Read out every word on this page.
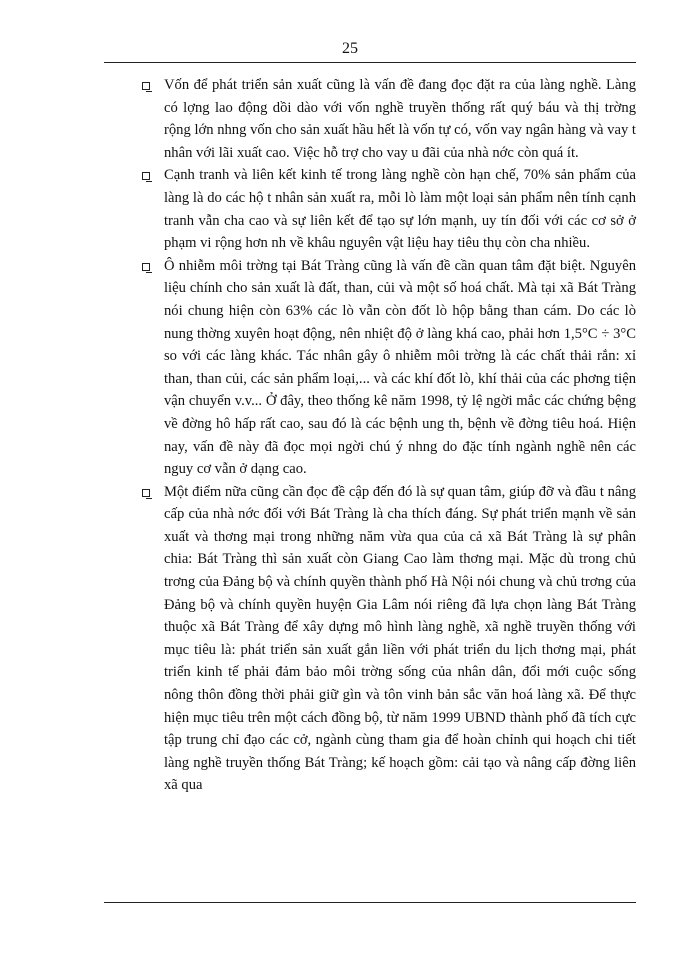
25

Vốn để phát triển sản xuất cũng là vấn đề đang đọc đặt ra của làng nghề. Làng có lợng lao động dồi dào với vốn nghề truyền thống rất quý báu và thị trờng rộng lớn nhng vốn cho sản xuất hầu hết là vốn tự có, vốn vay ngân hàng và vay t nhân với lãi xuất cao. Việc hỗ trợ cho vay u đãi của nhà nớc còn quá ít.

Cạnh tranh và liên kết kinh tế trong làng nghề còn hạn chế, 70% sản phẩm của làng là do các hộ t nhân sản xuất ra, mỗi lò làm một loại sản phẩm nên tính cạnh tranh vẫn cha cao và sự liên kết để tạo sự lớn mạnh, uy tín đối với các cơ sở ở phạm vi rộng hơn nh về khâu nguyên vật liệu hay tiêu thụ còn cha nhiều.

Ô nhiễm môi trờng tại Bát Tràng cũng là vấn đề cần quan tâm đặt biệt. Nguyên liệu chính cho sản xuất là đất, than, củi và một số hoá chất. Mà tại xã Bát Tràng nói chung hiện còn 63% các lò vẫn còn đốt lò hộp bằng than cám. Do các lò nung thờng xuyên hoạt động, nên nhiệt độ ở làng khá cao, phải hơn 1,5°C ÷ 3°C so với các làng khác. Tác nhân gây ô nhiễm môi trờng là các chất thải rắn: xỉ than, than củi, các sản phẩm loại,... và các khí đốt lò, khí thải của các phơng tiện vận chuyển v.v... Ở đây, theo thống kê năm 1998, tỷ lệ ngời mắc các chứng bệng về đờng hô hấp rất cao, sau đó là các bệnh ung th, bệnh về đờng tiêu hoá. Hiện nay, vấn đề này đã đọc mọi ngời chú ý nhng do đặc tính ngành nghề nên các nguy cơ vẫn ở dạng cao.

Một điểm nữa cũng cần đọc đề cập đến đó là sự quan tâm, giúp đỡ và đầu t nâng cấp của nhà nớc đối với Bát Tràng là cha thích đáng. Sự phát triển mạnh về sản xuất và thơng mại trong những năm vừa qua của cả xã Bát Tràng là sự phân chia: Bát Tràng thì sản xuất còn Giang Cao làm thơng mại. Mặc dù trong chủ trơng của Đảng bộ và chính quyền thành phố Hà Nội nói chung và chủ trơng của Đảng bộ và chính quyền huyện Gia Lâm nói riêng đã lựa chọn làng Bát Tràng thuộc xã Bát Tràng để xây dựng mô hình làng nghề, xã nghề truyền thống với mục tiêu là: phát triển sản xuất gắn liền với phát triển du lịch thơng mại, phát triển kinh tế phải đảm bảo môi trờng sống của nhân dân, đổi mới cuộc sống nông thôn đồng thời phải giữ gìn và tôn vinh bản sắc văn hoá làng xã. Để thực hiện mục tiêu trên một cách đồng bộ, từ năm 1999 UBND thành phố đã tích cực tập trung chỉ đạo các cở, ngành cùng tham gia để hoàn chỉnh qui hoạch chi tiết làng nghề truyền thống Bát Tràng; kế hoạch gồm: cải tạo và nâng cấp đờng liên xã qua
